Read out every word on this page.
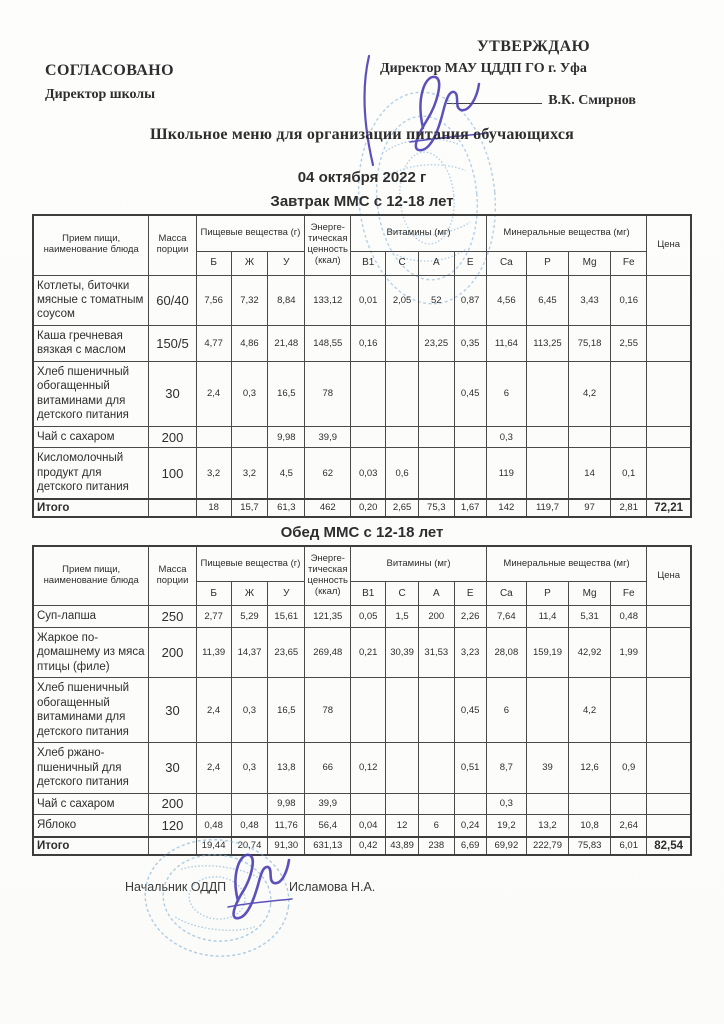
СОГЛАСОВАНО
Директор школы
УТВЕРЖДАЮ
Директор МАУ ЦДДП ГО г. Уфа
В.К. Смирнов
Школьное меню для организации питания обучающихся
04 октября 2022 г
Завтрак ММС с 12-18 лет
Прием пищи, наименование блюда	Масса порции	Пищевые вещества (г)			Энерге-тическая ценность (ккал)	Витамины (мг)				Минеральные вещества (мг)				Цена
		Б	Ж	У		B1	C	A	E	Ca	P	Mg	Fe	
Котлеты, биточки мясные с томатным соусом	60/40	7,56	7,32	8,84	133,12	0,01	2,05	52	0,87	4,56	6,45	3,43	0,16	
Каша гречневая вязкая с маслом	150/5	4,77	4,86	21,48	148,55	0,16		23,25	0,35	11,64	113,25	75,18	2,55	
Хлеб пшеничный обогащенный витаминами для детского питания	30	2,4	0,3	16,5	78				0,45	6		4,2		
Чай с сахаром	200			9,98	39,9					0,3				
Кисломолочный продукт для детского питания	100	3,2	3,2	4,5	62	0,03	0,6			119		14	0,1	
Итого		18	15,7	61,3	462	0,20	2,65	75,3	1,67	142	119,7	97	2,81	72,21
Обед ММС с 12-18 лет
Прием пищи, наименование блюда	Масса порции	Пищевые вещества (г)			Энерге-тическая ценность (ккал)	Витамины (мг)				Минеральные вещества (мг)				Цена
		Б	Ж	У		B1	C	A	E	Ca	P	Mg	Fe	
Суп-лапша	250	2,77	5,29	15,61	121,35	0,05	1,5	200	2,26	7,64	11,4	5,31	0,48	
Жаркое по-домашнему из мяса птицы (филе)	200	11,39	14,37	23,65	269,48	0,21	30,39	31,53	3,23	28,08	159,19	42,92	1,99	
Хлеб пшеничный обогащенный витаминами для детского питания	30	2,4	0,3	16,5	78				0,45	6		4,2		
Хлеб ржано-пшеничный для детского питания	30	2,4	0,3	13,8	66	0,12			0,51	8,7	39	12,6	0,9	
Чай с сахаром	200			9,98	39,9					0,3				
Яблоко	120	0,48	0,48	11,76	56,4	0,04	12	6	0,24	19,2	13,2	10,8	2,64	
Итого		19,44	20,74	91,30	631,13	0,42	43,89	238	6,69	69,92	222,79	75,83	6,01	82,54
Начальник ОДДП	Исламова Н.А.
